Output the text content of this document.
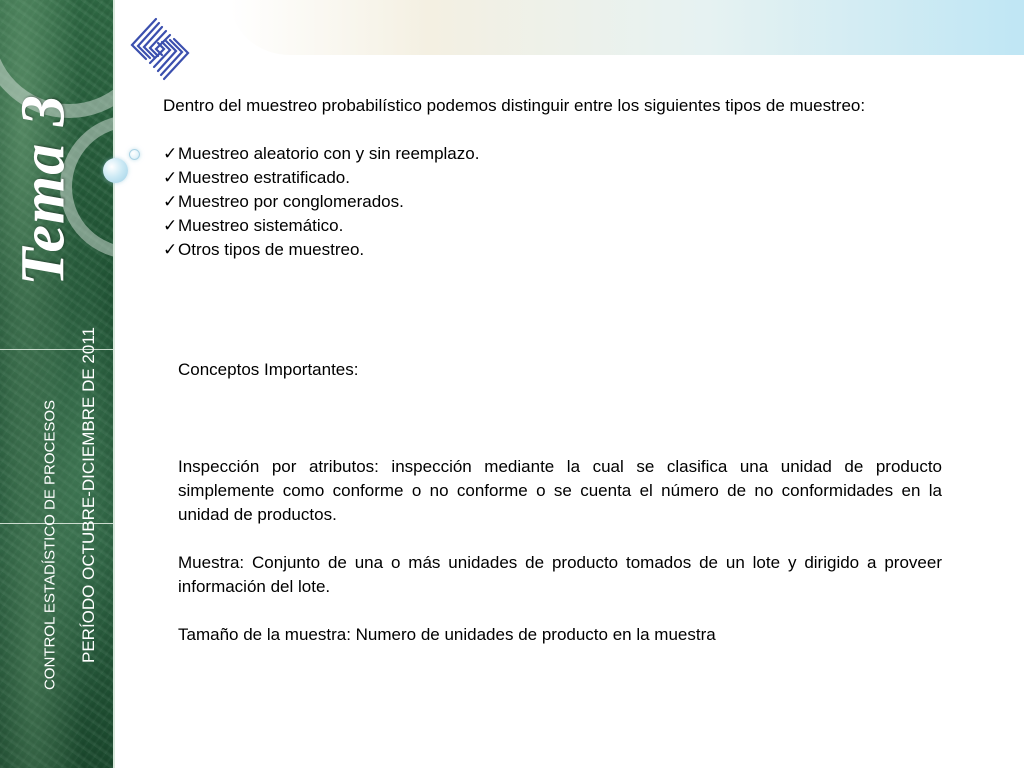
Tema 3
CONTROL ESTADÍSTICO DE PROCESOS PERÍODO OCTUBRE-DICIEMBRE DE 2011

Dentro del muestreo probabilístico podemos distinguir entre los siguientes tipos de muestreo:

✓Muestreo aleatorio con y sin reemplazo.
✓Muestreo estratificado.
✓Muestreo por conglomerados.
✓Muestreo sistemático.
✓Otros tipos de muestreo.

Conceptos Importantes:

Inspección por atributos: inspección mediante la cual se clasifica una unidad de producto simplemente como conforme o no conforme o se cuenta el número de no conformidades en la unidad de productos.

Muestra: Conjunto de una o más unidades de producto tomados de un lote y dirigido a proveer información del lote.

Tamaño de la muestra: Numero de unidades de producto en la muestra
